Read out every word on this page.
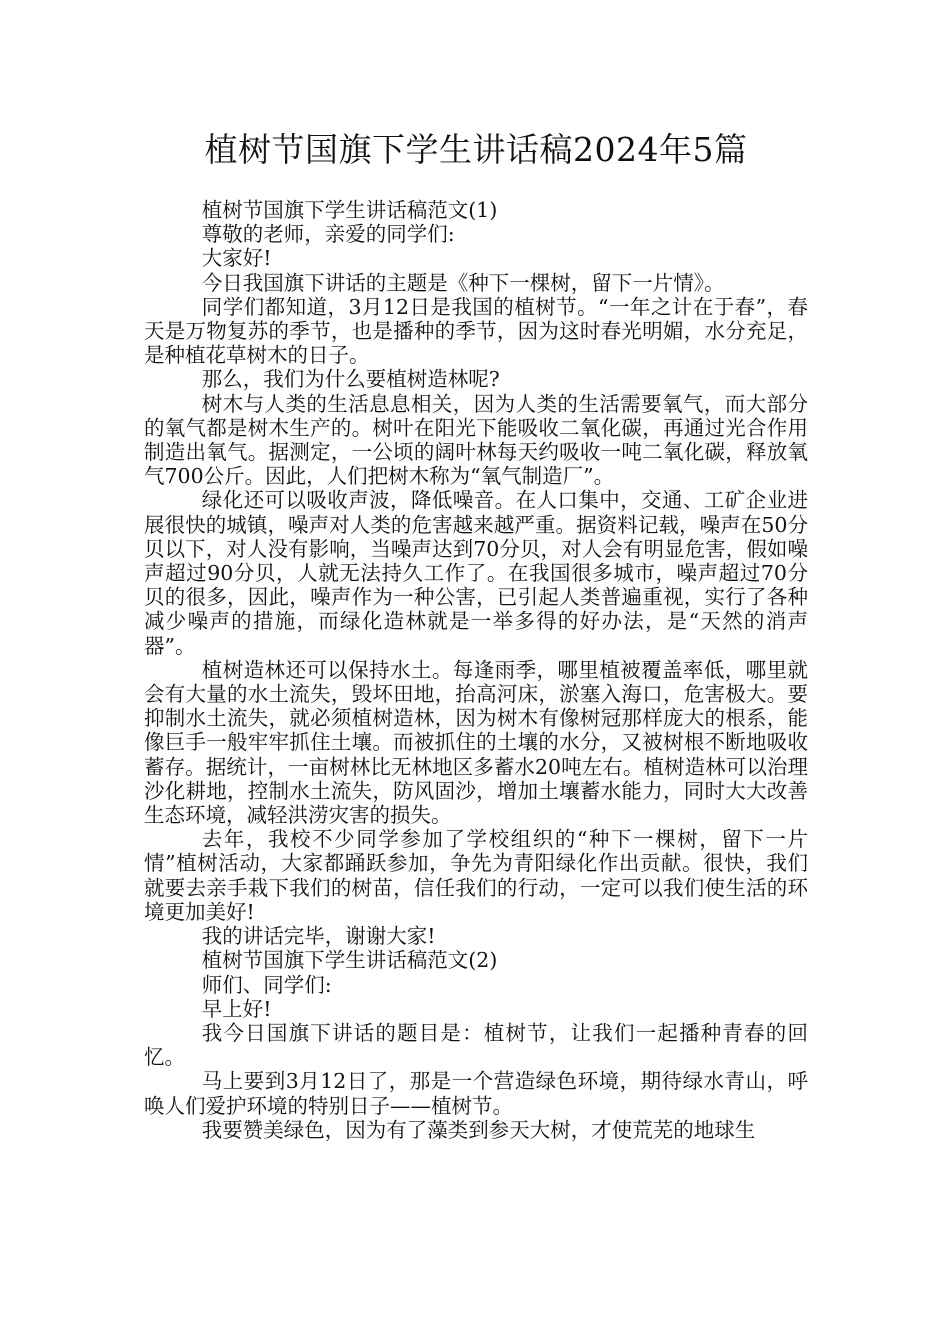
植树节国旗下学生讲话稿2024年5篇

植树节国旗下学生讲话稿范文(1)

尊敬的老师，亲爱的同学们:

大家好!

今日我国旗下讲话的主题是《种下一棵树，留下一片情》。

同学们都知道，3月12日是我国的植树节。“一年之计在于春”，春天是万物复苏的季节，也是播种的季节，因为这时春光明媚，水分充足，是种植花草树木的日子。

那么，我们为什么要植树造林呢?

树木与人类的生活息息相关，因为人类的生活需要氧气，而大部分的氧气都是树木生产的。树叶在阳光下能吸收二氧化碳，再通过光合作用制造出氧气。据测定，一公顷的阔叶林每天约吸收一吨二氧化碳，释放氧气700公斤。因此，人们把树木称为“氧气制造厂”。

绿化还可以吸收声波，降低噪音。在人口集中，交通、工矿企业进展很快的城镇，噪声对人类的危害越来越严重。据资料记载，噪声在50分贝以下，对人没有影响，当噪声达到70分贝，对人会有明显危害，假如噪声超过90分贝，人就无法持久工作了。在我国很多城市，噪声超过70分贝的很多，因此，噪声作为一种公害，已引起人类普遍重视，实行了各种减少噪声的措施，而绿化造林就是一举多得的好办法，是“天然的消声器”。

植树造林还可以保持水土。每逢雨季，哪里植被覆盖率低，哪里就会有大量的水土流失，毁坏田地，抬高河床，淤塞入海口，危害极大。要抑制水土流失，就必须植树造林，因为树木有像树冠那样庞大的根系，能像巨手一般牢牢抓住土壤。而被抓住的土壤的水分，又被树根不断地吸收蓄存。据统计，一亩树林比无林地区多蓄水20吨左右。植树造林可以治理沙化耕地，控制水土流失，防风固沙，增加土壤蓄水能力，同时大大改善生态环境，减轻洪涝灾害的损失。

去年，我校不少同学参加了学校组织的“种下一棵树，留下一片情”植树活动，大家都踊跃参加，争先为青阳绿化作出贡献。很快，我们就要去亲手栽下我们的树苗，信任我们的行动，一定可以我们使生活的环境更加美好!

我的讲话完毕，谢谢大家!

植树节国旗下学生讲话稿范文(2)

师们、同学们:

早上好!

我今日国旗下讲话的题目是：植树节，让我们一起播种青春的回忆。

马上要到3月12日了，那是一个营造绿色环境，期待绿水青山，呼唤人们爱护环境的特别日子——植树节。

我要赞美绿色，因为有了藻类到参天大树，才使荒芜的地球生
